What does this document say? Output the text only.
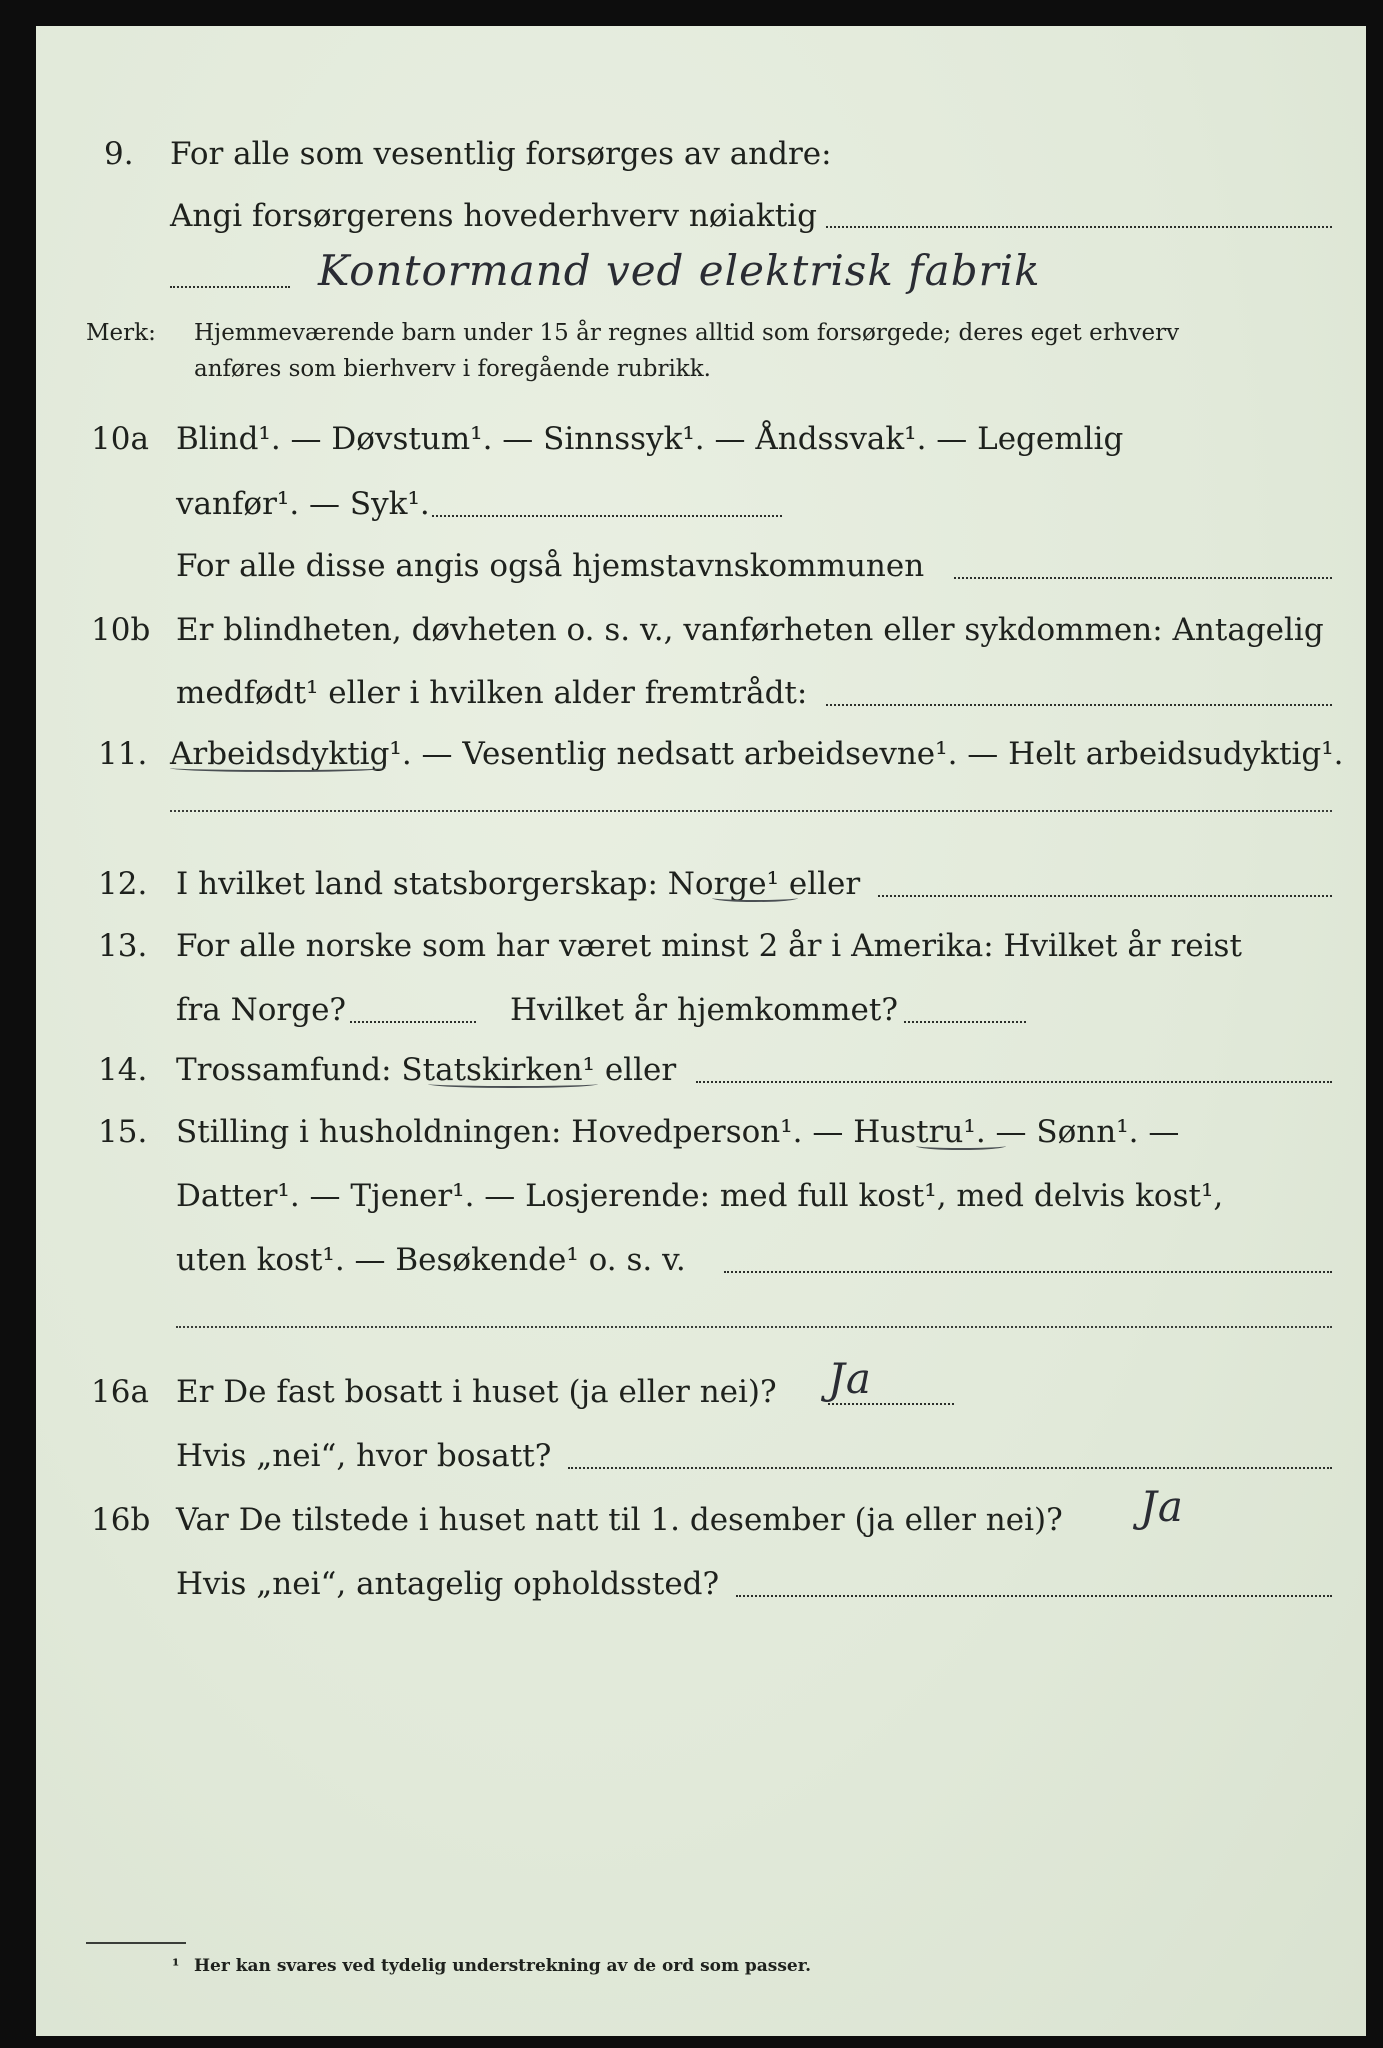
9. For alle som vesentlig forsørges av andre:
Angi forsørgerens hovederhverv nøiaktig
Kontormand ved elektrisk fabrik
Merk: Hjemmeværende barn under 15 år regnes alltid som forsørgede; deres eget erhverv
anføres som bierhverv i foregående rubrikk.
10a Blind¹. — Døvstum¹. — Sinnssyk¹. — Åndssvak¹. — Legemlig
vanfør¹. — Syk¹.
For alle disse angis også hjemstavnskommunen
10b Er blindheten, døvheten o. s. v., vanførheten eller sykdommen: Antagelig
medfødt¹ eller i hvilken alder fremtrådt:
11. Arbeidsdyktig¹. — Vesentlig nedsatt arbeidsevne¹. — Helt arbeidsudyktig¹.
12. I hvilket land statsborgerskap: Norge¹ eller
13. For alle norske som har været minst 2 år i Amerika: Hvilket år reist
fra Norge?	Hvilket år hjemkommet?
14. Trossamfund: Statskirken¹ eller
15. Stilling i husholdningen: Hovedperson¹. — Hustru¹. — Sønn¹. —
Datter¹. — Tjener¹. — Losjerende: med full kost¹, med delvis kost¹,
uten kost¹. — Besøkende¹ o. s. v.
16a Er De fast bosatt i huset (ja eller nei)? Ja
Hvis „nei“, hvor bosatt?
16b Var De tilstede i huset natt til 1. desember (ja eller nei)? Ja
Hvis „nei“, antagelig opholdssted?
¹ Her kan svares ved tydelig understrekning av de ord som passer.
